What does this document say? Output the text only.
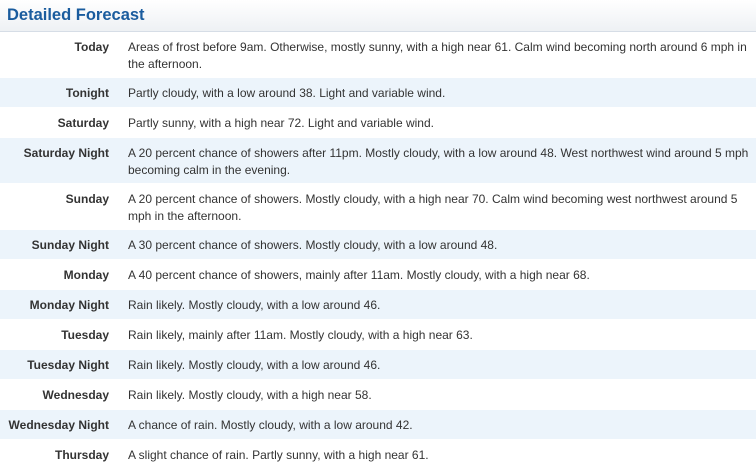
Detailed Forecast
Today Areas of frost before 9am. Otherwise, mostly sunny, with a high near 61. Calm wind becoming north around 6 mph in the afternoon.
Tonight Partly cloudy, with a low around 38. Light and variable wind.
Saturday Partly sunny, with a high near 72. Light and variable wind.
Saturday Night A 20 percent chance of showers after 11pm. Mostly cloudy, with a low around 48. West northwest wind around 5 mph becoming calm in the evening.
Sunday A 20 percent chance of showers. Mostly cloudy, with a high near 70. Calm wind becoming west northwest around 5 mph in the afternoon.
Sunday Night A 30 percent chance of showers. Mostly cloudy, with a low around 48.
Monday A 40 percent chance of showers, mainly after 11am. Mostly cloudy, with a high near 68.
Monday Night Rain likely. Mostly cloudy, with a low around 46.
Tuesday Rain likely, mainly after 11am. Mostly cloudy, with a high near 63.
Tuesday Night Rain likely. Mostly cloudy, with a low around 46.
Wednesday Rain likely. Mostly cloudy, with a high near 58.
Wednesday Night A chance of rain. Mostly cloudy, with a low around 42.
Thursday A slight chance of rain. Partly sunny, with a high near 61.
